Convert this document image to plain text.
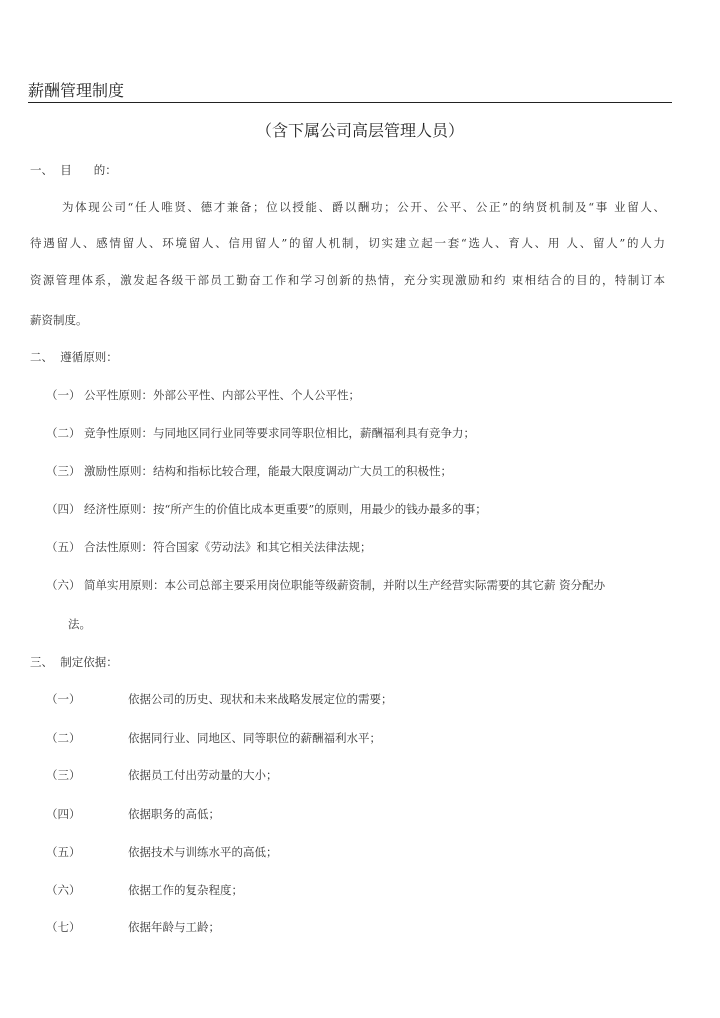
薪酬管理制度
（含下属公司高层管理人员）
一、  目      的：
为体现公司“任人唯贤、德才兼备；位以授能、爵以酬功；公开、公平、公正”的纳贤机制及“事 业留人、
待遇留人、感情留人、环境留人、信用留人”的留人机制，切实建立起一套“选人、育人、用 人、留人”的人力
资源管理体系，激发起各级干部员工勤奋工作和学习创新的热情，充分实现激励和约 束相结合的目的，特制订本
薪资制度。
二、  遵循原则：
（一） 公平性原则：外部公平性、内部公平性、个人公平性；
（二） 竞争性原则：与同地区同行业同等要求同等职位相比，薪酬福利具有竞争力；
（三） 激励性原则：结构和指标比较合理，能最大限度调动广大员工的积极性；
（四） 经济性原则：按“所产生的价值比成本更重要”的原则，用最少的钱办最多的事；
（五） 合法性原则：符合国家《劳动法》和其它相关法律法规；
（六） 简单实用原则：本公司总部主要采用岗位职能等级薪资制，并附以生产经营实际需要的其它薪 资分配办
法。
三、  制定依据：
（一）	依据公司的历史、现状和未来战略发展定位的需要；
（二）	依据同行业、同地区、同等职位的薪酬福利水平；
（三）	依据员工付出劳动量的大小；
（四）	依据职务的高低；
（五）	依据技术与训练水平的高低；
（六）	依据工作的复杂程度；
（七）	依据年龄与工龄；
